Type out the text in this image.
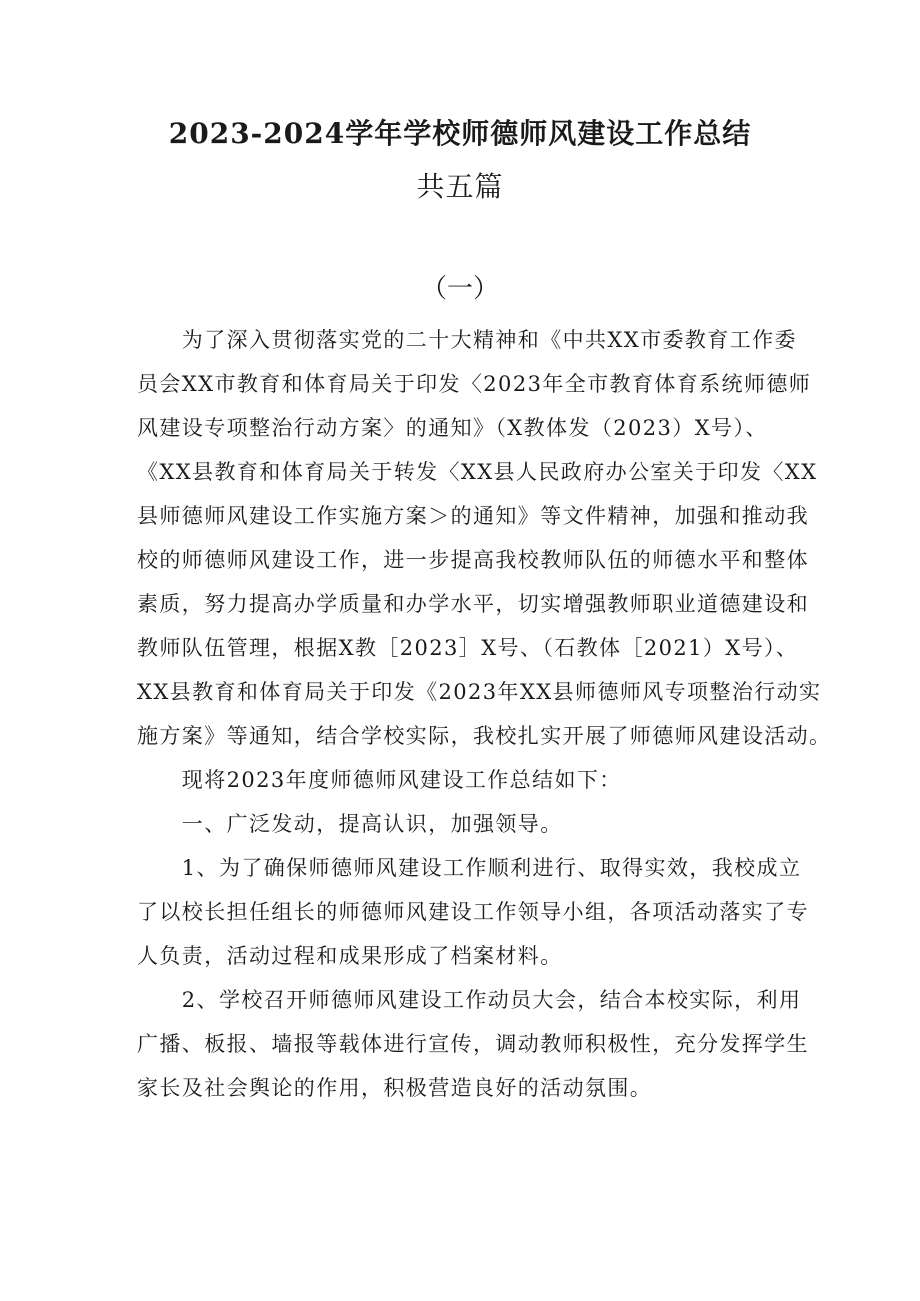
2023-2024学年学校师德师风建设工作总结
共五篇
（一）
　　为了深入贯彻落实党的二十大精神和《中共XX市委教育工作委
员会XX市教育和体育局关于印发〈2023年全市教育体育系统师德师
风建设专项整治行动方案〉的通知》（X教体发（2023）X号）、
《XX县教育和体育局关于转发〈XX县人民政府办公室关于印发〈XX
县师德师风建设工作实施方案＞的通知》等文件精神，加强和推动我
校的师德师风建设工作，进一步提高我校教师队伍的师德水平和整体
素质，努力提高办学质量和办学水平，切实增强教师职业道德建设和
教师队伍管理，根据X教［2023］X号、（石教体［2021）X号）、
XX县教育和体育局关于印发《2023年XX县师德师风专项整治行动实
施方案》等通知，结合学校实际，我校扎实开展了师德师风建设活动。
　　现将2023年度师德师风建设工作总结如下：
　　一、广泛发动，提高认识，加强领导。
　　1、为了确保师德师风建设工作顺利进行、取得实效，我校成立
了以校长担任组长的师德师风建设工作领导小组，各项活动落实了专
人负责，活动过程和成果形成了档案材料。
　　2、学校召开师德师风建设工作动员大会，结合本校实际，利用
广播、板报、墙报等载体进行宣传，调动教师积极性，充分发挥学生
家长及社会舆论的作用，积极营造良好的活动氛围。
